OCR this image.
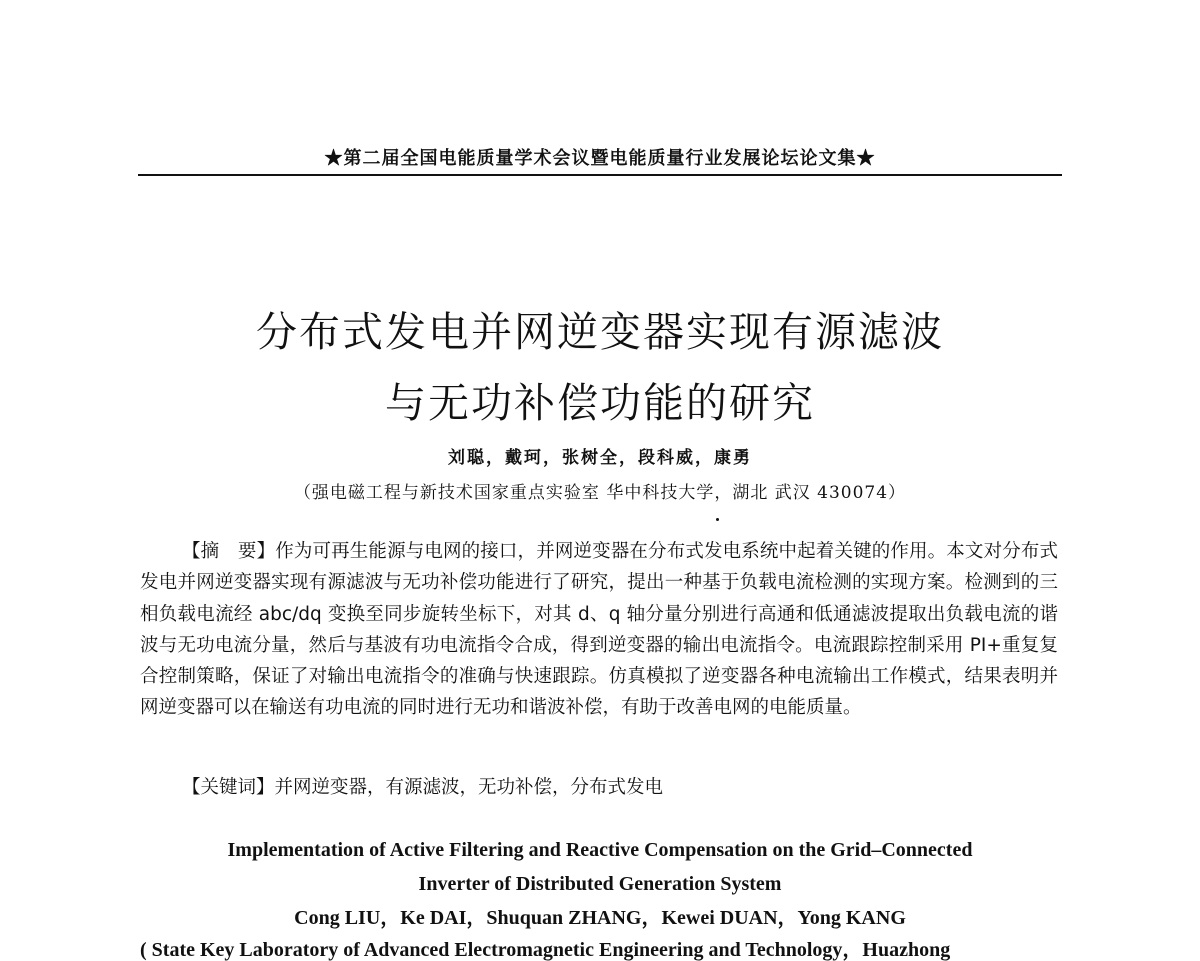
★第二届全国电能质量学术会议暨电能质量行业发展论坛论文集★
分布式发电并网逆变器实现有源滤波
与无功补偿功能的研究
刘聪，戴珂，张树全，段科威，康勇
（强电磁工程与新技术国家重点实验室 华中科技大学，湖北 武汉 430074）

【摘　要】作为可再生能源与电网的接口，并网逆变器在分布式发电系统中起着关键的作用。本文对分布式发电并网逆变器实现有源滤波与无功补偿功能进行了研究，提出一种基于负载电流检测的实现方案。检测到的三相负载电流经 abc/dq 变换至同步旋转坐标下，对其 d、q 轴分量分别进行高通和低通滤波提取出负载电流的谐波与无功电流分量，然后与基波有功电流指令合成，得到逆变器的输出电流指令。电流跟踪控制采用 PI+重复复合控制策略，保证了对输出电流指令的准确与快速跟踪。仿真模拟了逆变器各种电流输出工作模式，结果表明并网逆变器可以在输送有功电流的同时进行无功和谐波补偿，有助于改善电网的电能质量。

【关键词】并网逆变器，有源滤波，无功补偿，分布式发电

Implementation of Active Filtering and Reactive Compensation on the Grid–Connected
Inverter of Distributed Generation System
Cong LIU，Ke DAI，Shuquan ZHANG，Kewei DUAN，Yong KANG
( State Key Laboratory of Advanced Electromagnetic Engineering and Technology，Huazhong
